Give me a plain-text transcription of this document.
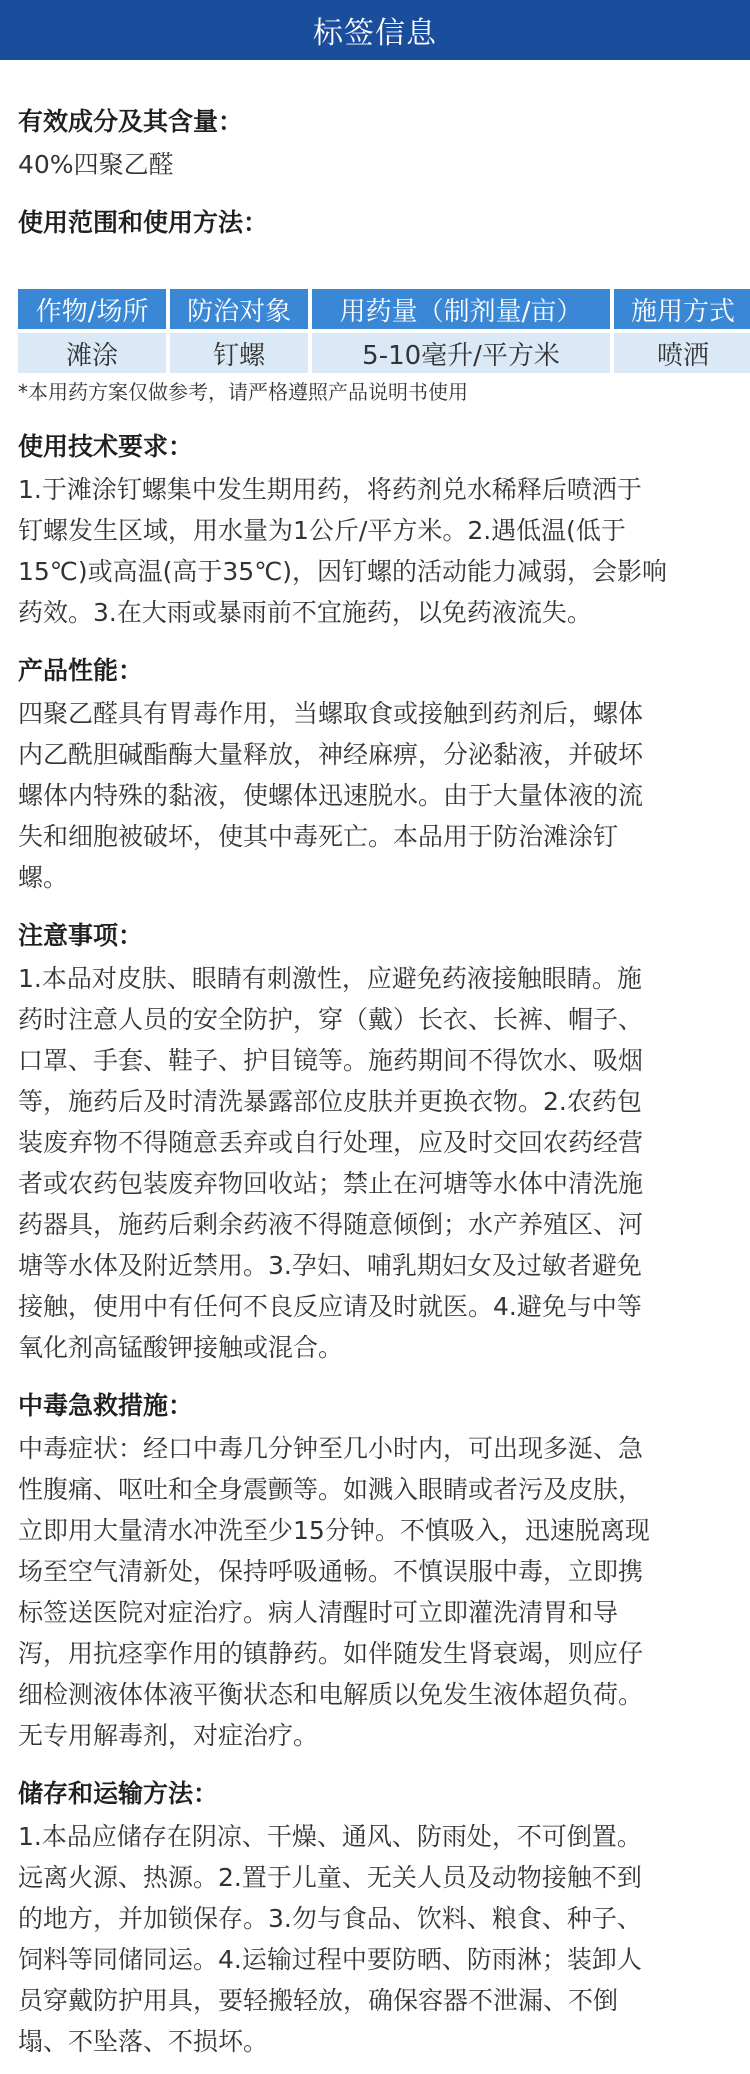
标签信息
有效成分及其含量：

40%四聚乙醛

使用范围和使用方法：
作物/场所	防治对象	用药量（制剂量/亩）	施用方式
滩涂	钉螺	5-10毫升/平方米	喷洒

*本用药方案仅做参考，请严格遵照产品说明书使用

使用技术要求：

1.于滩涂钉螺集中发生期用药，将药剂兑水稀释后喷洒于

钉螺发生区域，用水量为1公斤/平方米。2.遇低温(低于

15℃)或高温(高于35℃)，因钉螺的活动能力减弱，会影响

药效。3.在大雨或暴雨前不宜施药，以免药液流失。

产品性能：

四聚乙醛具有胃毒作用，当螺取食或接触到药剂后，螺体

内乙酰胆碱酯酶大量释放，神经麻痹，分泌黏液，并破坏

螺体内特殊的黏液，使螺体迅速脱水。由于大量体液的流

失和细胞被破坏，使其中毒死亡。本品用于防治滩涂钉

螺。

注意事项：

1.本品对皮肤、眼睛有刺激性，应避免药液接触眼睛。施

药时注意人员的安全防护，穿（戴）长衣、长裤、帽子、

口罩、手套、鞋子、护目镜等。施药期间不得饮水、吸烟

等，施药后及时清洗暴露部位皮肤并更换衣物。2.农药包

装废弃物不得随意丢弃或自行处理，应及时交回农药经营

者或农药包装废弃物回收站；禁止在河塘等水体中清洗施

药器具，施药后剩余药液不得随意倾倒；水产养殖区、河

塘等水体及附近禁用。3.孕妇、哺乳期妇女及过敏者避免

接触，使用中有任何不良反应请及时就医。4.避免与中等

氧化剂高锰酸钾接触或混合。

中毒急救措施：

中毒症状：经口中毒几分钟至几小时内，可出现多涎、急

性腹痛、呕吐和全身震颤等。如溅入眼睛或者污及皮肤，

立即用大量清水冲洗至少15分钟。不慎吸入，迅速脱离现

场至空气清新处，保持呼吸通畅。不慎误服中毒，立即携

标签送医院对症治疗。病人清醒时可立即灌洗清胃和导

泻，用抗痉挛作用的镇静药。如伴随发生肾衰竭，则应仔

细检测液体体液平衡状态和电解质以免发生液体超负荷。

无专用解毒剂，对症治疗。

储存和运输方法：

1.本品应储存在阴凉、干燥、通风、防雨处，不可倒置。

远离火源、热源。2.置于儿童、无关人员及动物接触不到

的地方，并加锁保存。3.勿与食品、饮料、粮食、种子、

饲料等同储同运。4.运输过程中要防晒、防雨淋；装卸人

员穿戴防护用具，要轻搬轻放，确保容器不泄漏、不倒

塌、不坠落、不损坏。
